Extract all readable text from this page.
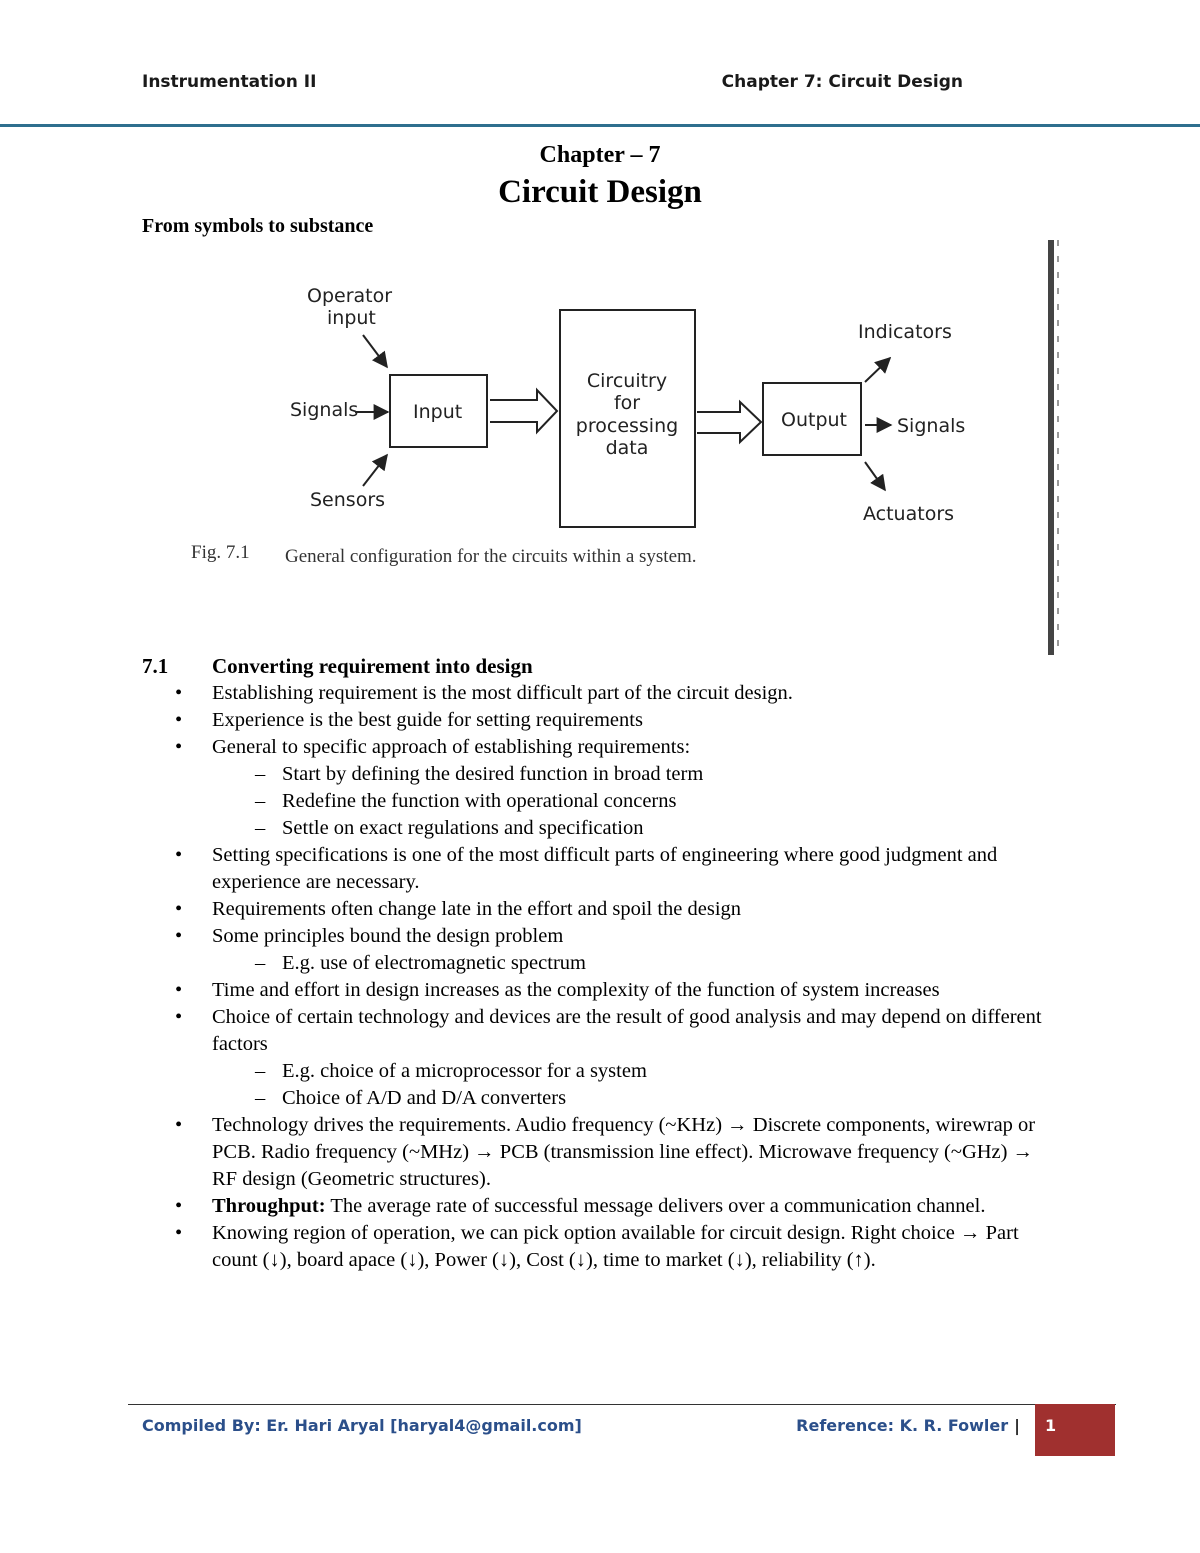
Instrumentation II	Chapter 7: Circuit Design
Chapter – 7
Circuit Design
From symbols to substance
Operator
input
Signals
Sensors
Input
Circuitry
for
processing
data
Output
Indicators
Signals
Actuators
Fig. 7.1 General configuration for the circuits within a system.
7.1 Converting requirement into design
• Establishing requirement is the most difficult part of the circuit design.
• Experience is the best guide for setting requirements
• General to specific approach of establishing requirements:
– Start by defining the desired function in broad term
– Redefine the function with operational concerns
– Settle on exact regulations and specification
• Setting specifications is one of the most difficult parts of engineering where good judgment and experience are necessary.
• Requirements often change late in the effort and spoil the design
• Some principles bound the design problem
– E.g. use of electromagnetic spectrum
• Time and effort in design increases as the complexity of the function of system increases
• Choice of certain technology and devices are the result of good analysis and may depend on different factors
– E.g. choice of a microprocessor for a system
– Choice of A/D and D/A converters
• Technology drives the requirements. Audio frequency (~KHz) → Discrete components, wirewrap or PCB. Radio frequency (~MHz) → PCB (transmission line effect). Microwave frequency (~GHz) → RF design (Geometric structures).
• Throughput: The average rate of successful message delivers over a communication channel.
• Knowing region of operation, we can pick option available for circuit design. Right choice → Part count (↓), board apace (↓), Power (↓), Cost (↓), time to market (↓), reliability (↑).
Compiled By: Er. Hari Aryal [haryal4@gmail.com]	Reference: K. R. Fowler | 1
